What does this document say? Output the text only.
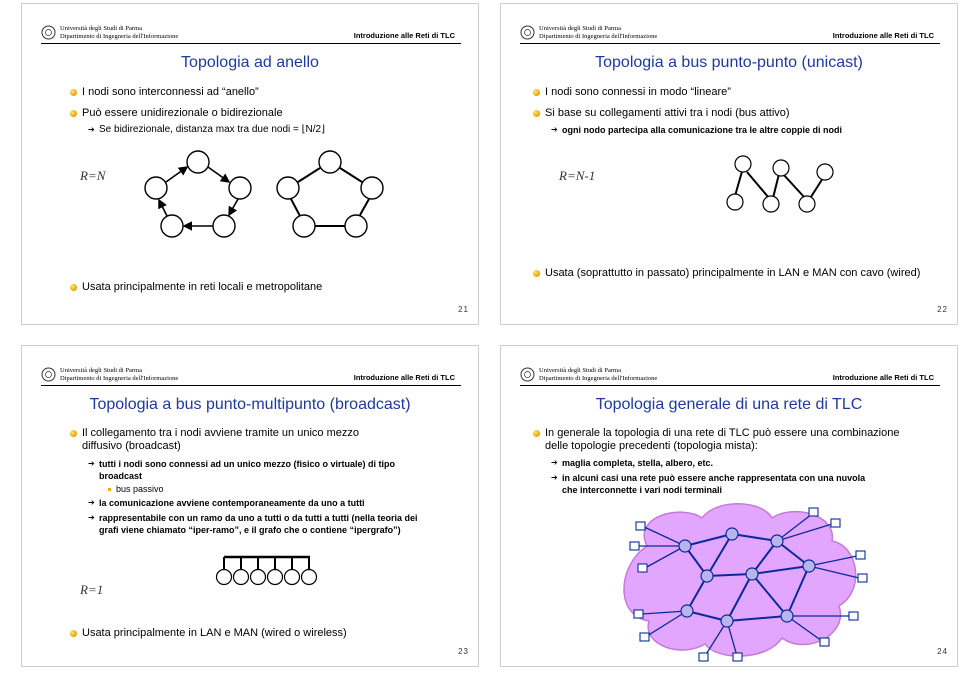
Università degli Studi di Parma
Dipartimento di Ingegneria dell'Informazione	Introduzione alle Reti di TLC
Topologia ad anello
I nodi sono interconnessi ad “anello”
Può essere unidirezionale o bidirezionale
➔ Se bidirezionale, distanza max tra due nodi = ⌊N/2⌋
R=N
Usata principalmente in reti locali e metropolitane
21
Università degli Studi di Parma
Dipartimento di Ingegneria dell'Informazione	Introduzione alle Reti di TLC
Topologia a bus punto-punto (unicast)
I nodi sono connessi in modo “lineare”
Si base su collegamenti attivi tra i nodi (bus attivo)
➔ ogni nodo partecipa alla comunicazione tra le altre coppie di nodi
R=N-1
Usata (soprattutto in passato) principalmente in LAN e MAN con cavo (wired)
22
Università degli Studi di Parma
Dipartimento di Ingegneria dell'Informazione	Introduzione alle Reti di TLC
Topologia a bus punto-multipunto (broadcast)
Il collegamento tra i nodi avviene tramite un unico mezzo diffusivo (broadcast)
➔ tutti i nodi sono connessi ad un unico mezzo (fisico o virtuale) di tipo broadcast
bus passivo
➔ la comunicazione avviene contemporaneamente da uno a tutti
➔ rappresentabile con un ramo da uno a tutti o da tutti a tutti (nella teoria dei grafi viene chiamato “iper-ramo”, e il grafo che o contiene “ipergrafo”)
R=1
Usata principalmente in LAN e MAN (wired o wireless)
23
Università degli Studi di Parma
Dipartimento di Ingegneria dell'Informazione	Introduzione alle Reti di TLC
Topologia generale di una rete di TLC
In generale la topologia di una rete di TLC può essere una combinazione delle topologie precedenti (topologia mista):
➔ maglia completa, stella, albero, etc.
➔ in alcuni casi una rete può essere anche rappresentata con una nuvola che interconnette i vari nodi terminali
24
